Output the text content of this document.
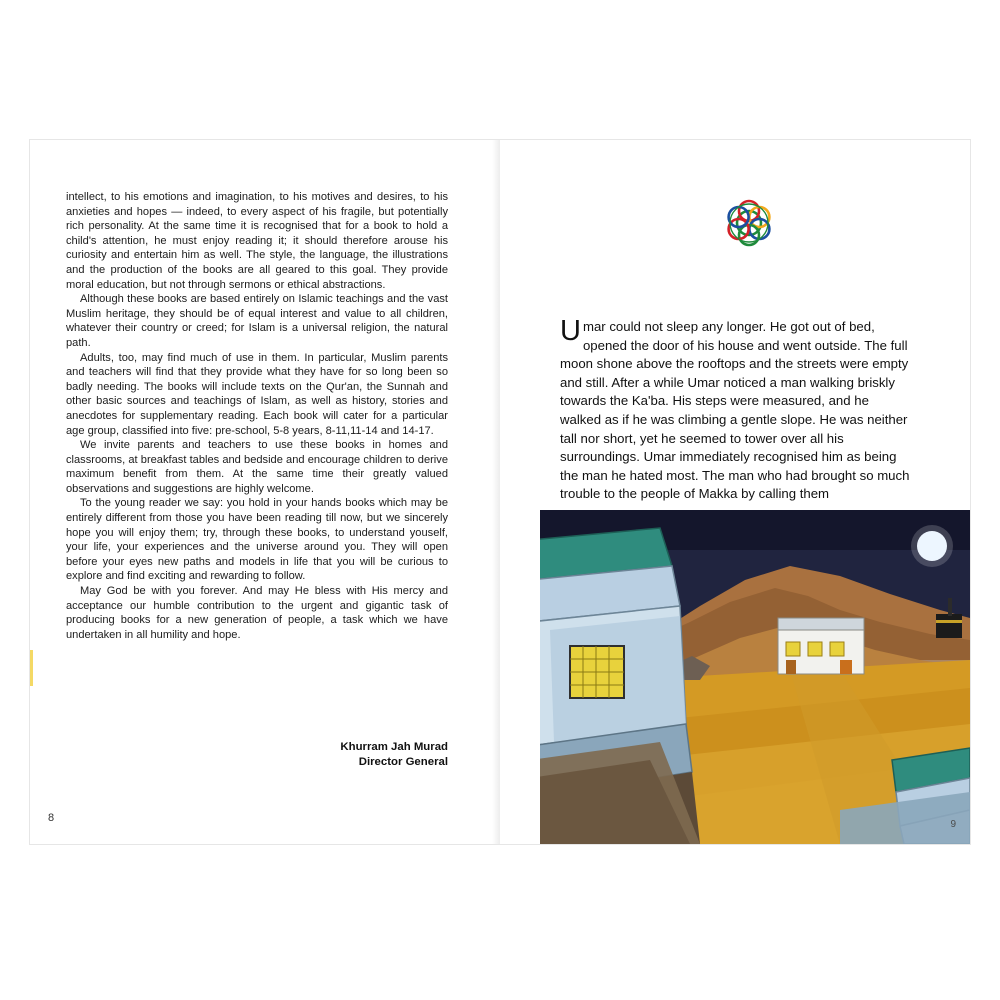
intellect, to his emotions and imagination, to his motives and desires, to his anxieties and hopes — indeed, to every aspect of his fragile, but potentially rich personality. At the same time it is recognised that for a book to hold a child's attention, he must enjoy reading it; it should therefore arouse his curiosity and entertain him as well. The style, the language, the illustrations and the production of the books are all geared to this goal. They provide moral education, but not through sermons or ethical abstractions.

Although these books are based entirely on Islamic teachings and the vast Muslim heritage, they should be of equal interest and value to all children, whatever their country or creed; for Islam is a universal religion, the natural path.

Adults, too, may find much of use in them. In particular, Muslim parents and teachers will find that they provide what they have for so long been so badly needing. The books will include texts on the Qur'an, the Sunnah and other basic sources and teachings of Islam, as well as history, stories and anecdotes for supplementary reading. Each book will cater for a particular age group, classified into five: pre-school, 5-8 years, 8-11,11-14 and 14-17.

We invite parents and teachers to use these books in homes and classrooms, at breakfast tables and bedside and encourage children to derive maximum benefit from them. At the same time their greatly valued observations and suggestions are highly welcome.

To the young reader we say: you hold in your hands books which may be entirely different from those you have been reading till now, but we sincerely hope you will enjoy them; try, through these books, to understand youself, your life, your experiences and the universe around you. They will open before your eyes new paths and models in life that you will be curious to explore and find exciting and rewarding to follow.

May God be with you forever. And may He bless with His mercy and acceptance our humble contribution to the urgent and gigantic task of producing books for a new generation of people, a task which we have undertaken in all humility and hope.

Khurram Jah Murad
Director General
8
Umar could not sleep any longer. He got out of bed, opened the door of his house and went outside. The full moon shone above the rooftops and the streets were empty and still. After a while Umar noticed a man walking briskly towards the Ka'ba. His steps were measured, and he walked as if he was climbing a gentle slope. He was neither tall nor short, yet he seemed to tower over all his surroundings. Umar immediately recognised him as being the man he hated most. The man who had brought so much trouble to the people of Makka by calling them
9
